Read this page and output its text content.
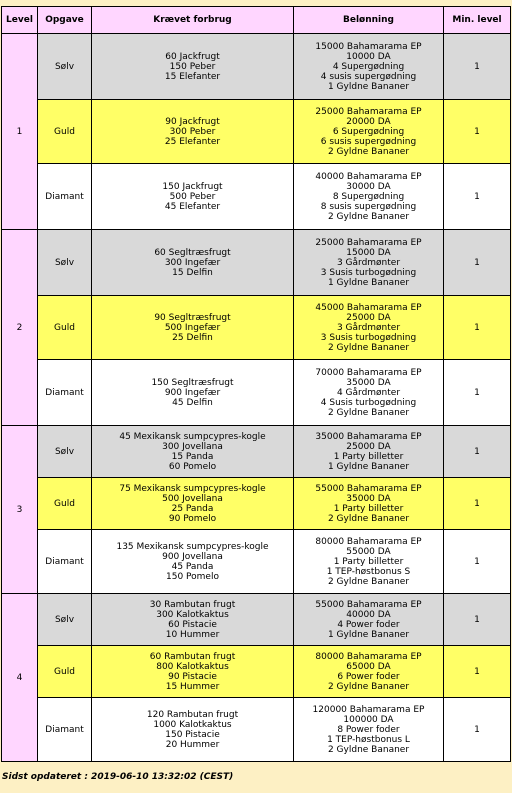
Level	Opgave	Krævet forbrug	Belønning	Min. level
1	Sølv	60 Jackfrugt
150 Peber
15 Elefanter	15000 Bahamarama EP
10000 DA
4 Supergødning
4 susis supergødning
1 Gyldne Bananer	1
	Guld	90 Jackfrugt
300 Peber
25 Elefanter	25000 Bahamarama EP
20000 DA
6 Supergødning
6 susis supergødning
2 Gyldne Bananer	1
	Diamant	150 Jackfrugt
500 Peber
45 Elefanter	40000 Bahamarama EP
30000 DA
8 Supergødning
8 susis supergødning
2 Gyldne Bananer	1
2	Sølv	60 Segltræsfrugt
300 Ingefær
15 Delfin	25000 Bahamarama EP
15000 DA
3 Gårdmønter
3 Susis turbogødning
1 Gyldne Bananer	1
	Guld	90 Segltræsfrugt
500 Ingefær
25 Delfin	45000 Bahamarama EP
25000 DA
3 Gårdmønter
3 Susis turbogødning
2 Gyldne Bananer	1
	Diamant	150 Segltræsfrugt
900 Ingefær
45 Delfin	70000 Bahamarama EP
35000 DA
4 Gårdmønter
4 Susis turbogødning
2 Gyldne Bananer	1
3	Sølv	45 Mexikansk sumpcypres-kogle
300 Jovellana
15 Panda
60 Pomelo	35000 Bahamarama EP
25000 DA
1 Party billetter
1 Gyldne Bananer	1
	Guld	75 Mexikansk sumpcypres-kogle
500 Jovellana
25 Panda
90 Pomelo	55000 Bahamarama EP
35000 DA
1 Party billetter
2 Gyldne Bananer	1
	Diamant	135 Mexikansk sumpcypres-kogle
900 Jovellana
45 Panda
150 Pomelo	80000 Bahamarama EP
55000 DA
1 Party billetter
1 TEP-høstbonus S
2 Gyldne Bananer	1
4	Sølv	30 Rambutan frugt
300 Kalotkaktus
60 Pistacie
10 Hummer	55000 Bahamarama EP
40000 DA
4 Power foder
1 Gyldne Bananer	1
	Guld	60 Rambutan frugt
800 Kalotkaktus
90 Pistacie
15 Hummer	80000 Bahamarama EP
65000 DA
6 Power foder
2 Gyldne Bananer	1
	Diamant	120 Rambutan frugt
1000 Kalotkaktus
150 Pistacie
20 Hummer	120000 Bahamarama EP
100000 DA
8 Power foder
1 TEP-høstbonus L
2 Gyldne Bananer	1
Sidst opdateret : 2019-06-10 13:32:02 (CEST)
